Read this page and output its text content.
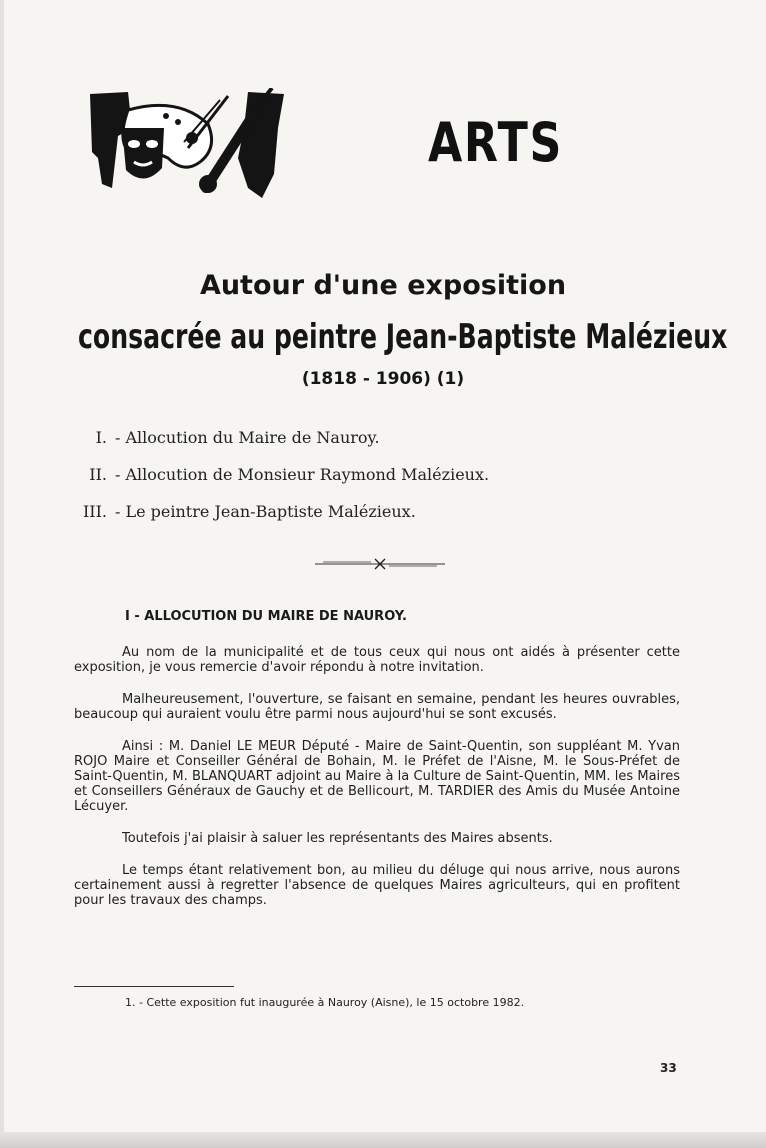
ARTS
Autour d'une exposition
consacrée au peintre Jean-Baptiste Malézieux
(1818 - 1906) (1)
I. - Allocution du Maire de Nauroy.
II. - Allocution de Monsieur Raymond Malézieux.
III. - Le peintre Jean-Baptiste Malézieux.
I - ALLOCUTION DU MAIRE DE NAUROY.

Au nom de la municipalité et de tous ceux qui nous ont aidés à présenter cette exposition, je vous remercie d'avoir répondu à notre invitation.

Malheureusement, l'ouverture, se faisant en semaine, pendant les heures ouvrables, beaucoup qui auraient voulu être parmi nous aujourd'hui se sont excusés.

Ainsi : M. Daniel LE MEUR Député - Maire de Saint-Quentin, son suppléant M. Yvan ROJO Maire et Conseiller Général de Bohain, M. le Préfet de l'Aisne, M. le Sous-Préfet de Saint-Quentin, M. BLANQUART adjoint au Maire à la Culture de Saint-Quentin, MM. les Maires et Conseillers Généraux de Gauchy et de Bellicourt, M. TARDIER des Amis du Musée Antoine Lécuyer.

Toutefois j'ai plaisir à saluer les représentants des Maires absents.

Le temps étant relativement bon, au milieu du déluge qui nous arrive, nous aurons certainement aussi à regretter l'absence de quelques Maires agriculteurs, qui en profitent pour les travaux des champs.

1. - Cette exposition fut inaugurée à Nauroy (Aisne), le 15 octobre 1982.
33
